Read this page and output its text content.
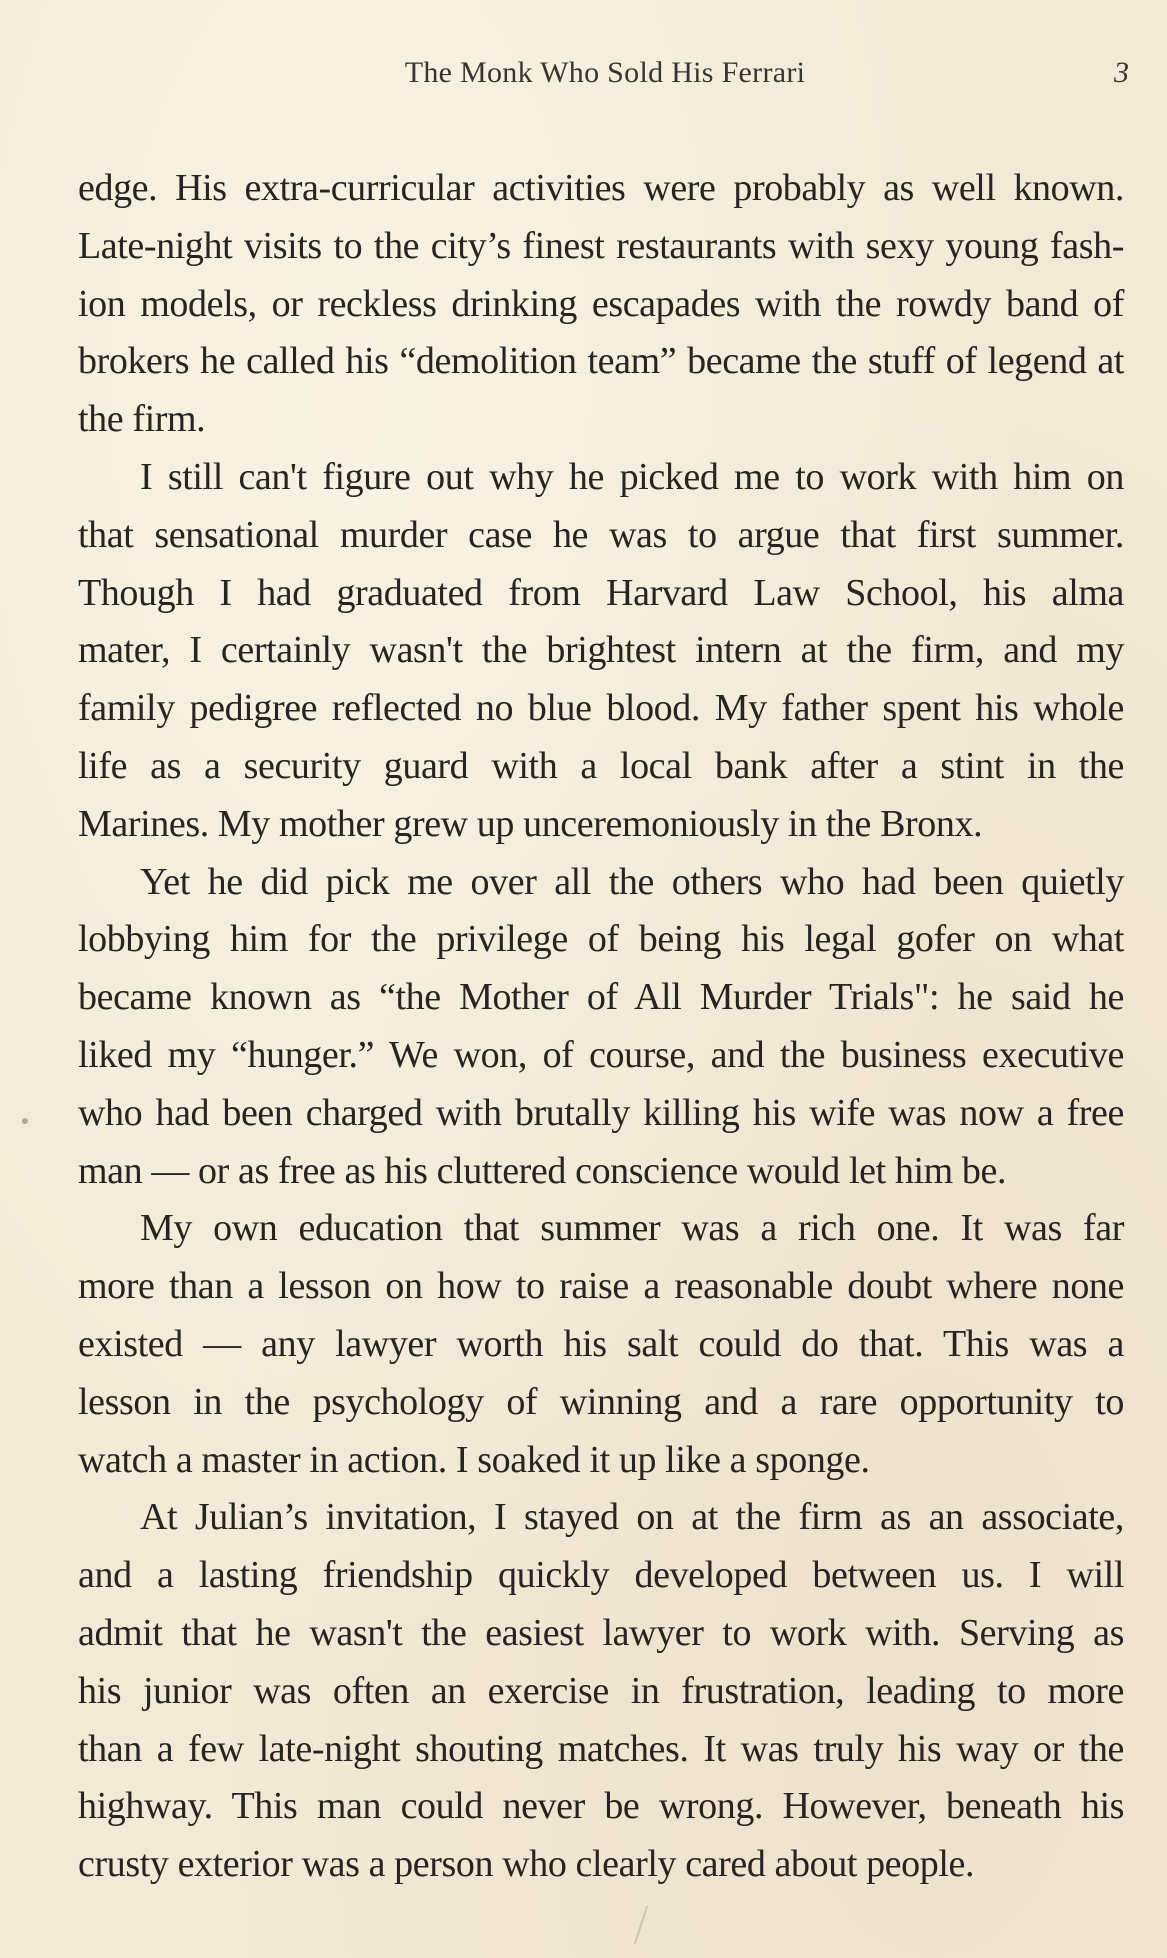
The Monk Who Sold His Ferrari	3
edge. His extra-curricular activities were probably as well known.
Late-night visits to the city’s finest restaurants with sexy young fash-
ion models, or reckless drinking escapades with the rowdy band of
brokers he called his “demolition team” became the stuff of legend at
the firm.
I still can't figure out why he picked me to work with him on
that sensational murder case he was to argue that first summer.
Though I had graduated from Harvard Law School, his alma
mater, I certainly wasn't the brightest intern at the firm, and my
family pedigree reflected no blue blood. My father spent his whole
life as a security guard with a local bank after a stint in the
Marines. My mother grew up unceremoniously in the Bronx.
Yet he did pick me over all the others who had been quietly
lobbying him for the privilege of being his legal gofer on what
became known as “the Mother of All Murder Trials": he said he
liked my “hunger.” We won, of course, and the business executive
who had been charged with brutally killing his wife was now a free
man — or as free as his cluttered conscience would let him be.
My own education that summer was a rich one. It was far
more than a lesson on how to raise a reasonable doubt where none
existed — any lawyer worth his salt could do that. This was a
lesson in the psychology of winning and a rare opportunity to
watch a master in action. I soaked it up like a sponge.
At Julian’s invitation, I stayed on at the firm as an associate,
and a lasting friendship quickly developed between us. I will
admit that he wasn't the easiest lawyer to work with. Serving as
his junior was often an exercise in frustration, leading to more
than a few late-night shouting matches. It was truly his way or the
highway. This man could never be wrong. However, beneath his
crusty exterior was a person who clearly cared about people.
